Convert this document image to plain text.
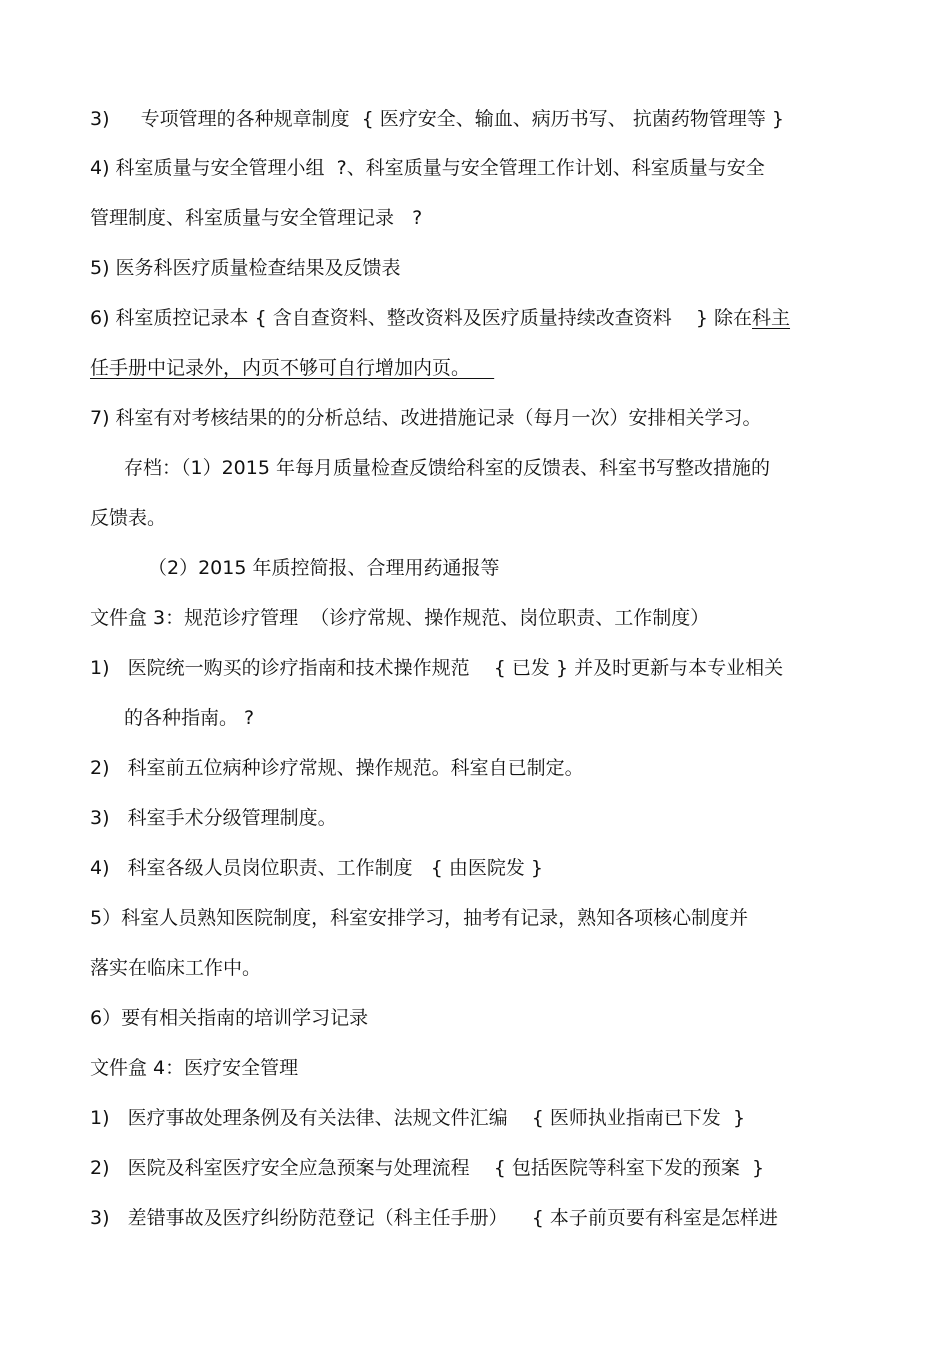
3)　  专项管理的各种规章制度  { 医疗安全、输血、病历书写、 抗菌药物管理等 }
4) 科室质量与安全管理小组  ?、科室质量与安全管理工作计划、科室质量与安全
管理制度、科室质量与安全管理记录   ?
5) 医务科医疗质量检查结果及反馈表
6) 科室质控记录本 { 含自查资料、整改资料及医疗质量持续改查资料    } 除在科主
任手册中记录外，内页不够可自行增加内页。
7) 科室有对考核结果的的分析总结、改进措施记录（每月一次）安排相关学习。
存档：（1）2015 年每月质量检查反馈给科室的反馈表、科室书写整改措施的
反馈表。
（2）2015 年质控简报、合理用药通报等
文件盒 3：规范诊疗管理  （诊疗常规、操作规范、岗位职责、工作制度）
1)   医院统一购买的诊疗指南和技术操作规范    { 已发 } 并及时更新与本专业相关
的各种指南。 ?
2)   科室前五位病种诊疗常规、操作规范。科室自已制定。
3)   科室手术分级管理制度。
4)   科室各级人员岗位职责、工作制度   { 由医院发 }
5）科室人员熟知医院制度，科室安排学习，抽考有记录，熟知各项核心制度并
落实在临床工作中。
6）要有相关指南的培训学习记录
文件盒 4：医疗安全管理
1)   医疗事故处理条例及有关法律、法规文件汇编    { 医师执业指南已下发  }
2)   医院及科室医疗安全应急预案与处理流程    { 包括医院等科室下发的预案  }
3)   差错事故及医疗纠纷防范登记（科主任手册）    { 本子前页要有科室是怎样进
